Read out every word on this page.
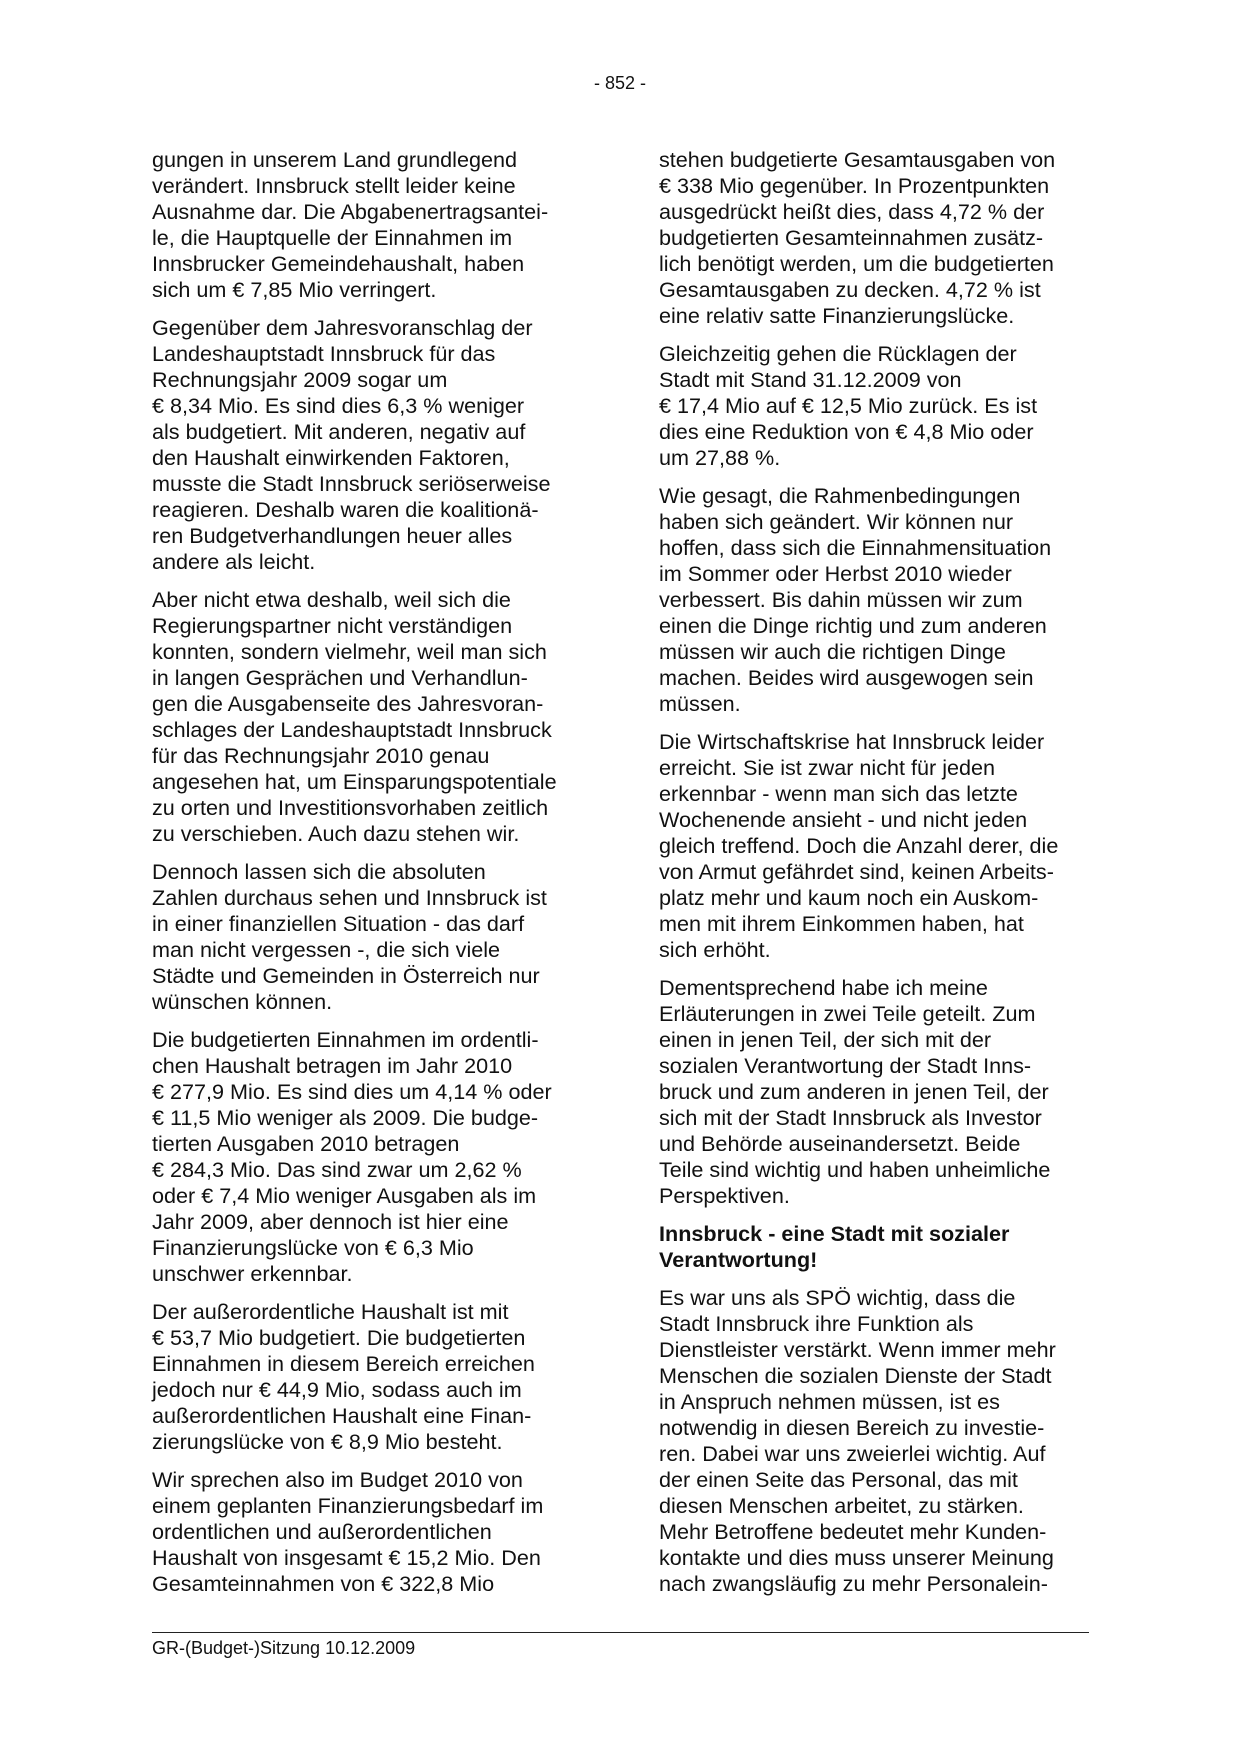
- 852 -

gungen in unserem Land grundlegend
verändert. Innsbruck stellt leider keine
Ausnahme dar. Die Abgabenertragsantei-
le, die Hauptquelle der Einnahmen im
Innsbrucker Gemeindehaushalt, haben
sich um € 7,85 Mio verringert.

Gegenüber dem Jahresvoranschlag der
Landeshauptstadt Innsbruck für das
Rechnungsjahr 2009 sogar um
€ 8,34 Mio. Es sind dies 6,3 % weniger
als budgetiert. Mit anderen, negativ auf
den Haushalt einwirkenden Faktoren,
musste die Stadt Innsbruck seriöserweise
reagieren. Deshalb waren die koalitionä-
ren Budgetverhandlungen heuer alles
andere als leicht.

Aber nicht etwa deshalb, weil sich die
Regierungspartner nicht verständigen
konnten, sondern vielmehr, weil man sich
in langen Gesprächen und Verhandlun-
gen die Ausgabenseite des Jahresvoran-
schlages der Landeshauptstadt Innsbruck
für das Rechnungsjahr 2010 genau
angesehen hat, um Einsparungspotentiale
zu orten und Investitionsvorhaben zeitlich
zu verschieben. Auch dazu stehen wir.

Dennoch lassen sich die absoluten
Zahlen durchaus sehen und Innsbruck ist
in einer finanziellen Situation - das darf
man nicht vergessen -, die sich viele
Städte und Gemeinden in Österreich nur
wünschen können.

Die budgetierten Einnahmen im ordentli-
chen Haushalt betragen im Jahr 2010
€ 277,9 Mio. Es sind dies um 4,14 % oder
€ 11,5 Mio weniger als 2009. Die budge-
tierten Ausgaben 2010 betragen
€ 284,3 Mio. Das sind zwar um 2,62 %
oder € 7,4 Mio weniger Ausgaben als im
Jahr 2009, aber dennoch ist hier eine
Finanzierungslücke von € 6,3 Mio
unschwer erkennbar.

Der außerordentliche Haushalt ist mit
€ 53,7 Mio budgetiert. Die budgetierten
Einnahmen in diesem Bereich erreichen
jedoch nur € 44,9 Mio, sodass auch im
außerordentlichen Haushalt eine Finan-
zierungslücke von € 8,9 Mio besteht.

Wir sprechen also im Budget 2010 von
einem geplanten Finanzierungsbedarf im
ordentlichen und außerordentlichen
Haushalt von insgesamt € 15,2 Mio. Den
Gesamteinnahmen von € 322,8 Mio

stehen budgetierte Gesamtausgaben von
€ 338 Mio gegenüber. In Prozentpunkten
ausgedrückt heißt dies, dass 4,72 % der
budgetierten Gesamteinnahmen zusätz-
lich benötigt werden, um die budgetierten
Gesamtausgaben zu decken. 4,72 % ist
eine relativ satte Finanzierungslücke.

Gleichzeitig gehen die Rücklagen der
Stadt mit Stand 31.12.2009 von
€ 17,4 Mio auf € 12,5 Mio zurück. Es ist
dies eine Reduktion von € 4,8 Mio oder
um 27,88 %.

Wie gesagt, die Rahmenbedingungen
haben sich geändert. Wir können nur
hoffen, dass sich die Einnahmensituation
im Sommer oder Herbst 2010 wieder
verbessert. Bis dahin müssen wir zum
einen die Dinge richtig und zum anderen
müssen wir auch die richtigen Dinge
machen. Beides wird ausgewogen sein
müssen.

Die Wirtschaftskrise hat Innsbruck leider
erreicht. Sie ist zwar nicht für jeden
erkennbar - wenn man sich das letzte
Wochenende ansieht - und nicht jeden
gleich treffend. Doch die Anzahl derer, die
von Armut gefährdet sind, keinen Arbeits-
platz mehr und kaum noch ein Auskom-
men mit ihrem Einkommen haben, hat
sich erhöht.

Dementsprechend habe ich meine
Erläuterungen in zwei Teile geteilt. Zum
einen in jenen Teil, der sich mit der
sozialen Verantwortung der Stadt Inns-
bruck und zum anderen in jenen Teil, der
sich mit der Stadt Innsbruck als Investor
und Behörde auseinandersetzt. Beide
Teile sind wichtig und haben unheimliche
Perspektiven.

Innsbruck - eine Stadt mit sozialer
Verantwortung!

Es war uns als SPÖ wichtig, dass die
Stadt Innsbruck ihre Funktion als
Dienstleister verstärkt. Wenn immer mehr
Menschen die sozialen Dienste der Stadt
in Anspruch nehmen müssen, ist es
notwendig in diesen Bereich zu investie-
ren. Dabei war uns zweierlei wichtig. Auf
der einen Seite das Personal, das mit
diesen Menschen arbeitet, zu stärken.
Mehr Betroffene bedeutet mehr Kunden-
kontakte und dies muss unserer Meinung
nach zwangsläufig zu mehr Personalein-

GR-(Budget-)Sitzung 10.12.2009
